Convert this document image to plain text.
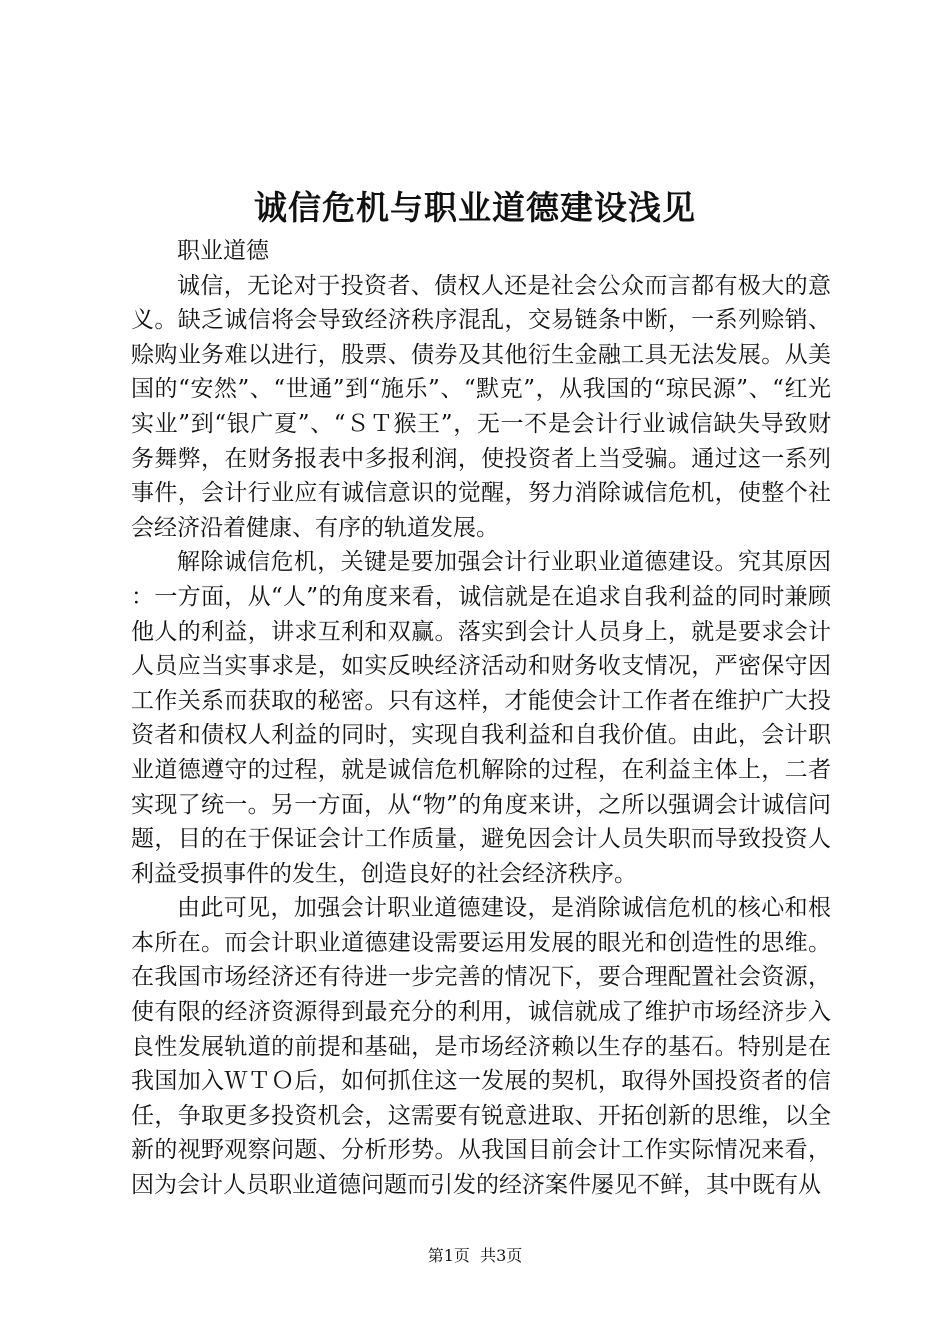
诚信危机与职业道德建设浅见

职业道德

诚信，无论对于投资者、债权人还是社会公众而言都有极大的意义。缺乏诚信将会导致经济秩序混乱，交易链条中断，一系列赊销、赊购业务难以进行，股票、债券及其他衍生金融工具无法发展。从美国的“安然”、“世通”到“施乐”、“默克”，从我国的“琼民源”、“红光实业”到“银广夏”、“ＳＴ猴王”，无一不是会计行业诚信缺失导致财务舞弊，在财务报表中多报利润，使投资者上当受骗。通过这一系列事件，会计行业应有诚信意识的觉醒，努力消除诚信危机，使整个社会经济沿着健康、有序的轨道发展。

解除诚信危机，关键是要加强会计行业职业道德建设。究其原因：一方面，从“人”的角度来看，诚信就是在追求自我利益的同时兼顾他人的利益，讲求互利和双赢。落实到会计人员身上，就是要求会计人员应当实事求是，如实反映经济活动和财务收支情况，严密保守因工作关系而获取的秘密。只有这样，才能使会计工作者在维护广大投资者和债权人利益的同时，实现自我利益和自我价值。由此，会计职业道德遵守的过程，就是诚信危机解除的过程，在利益主体上，二者实现了统一。另一方面，从“物”的角度来讲，之所以强调会计诚信问题，目的在于保证会计工作质量，避免因会计人员失职而导致投资人利益受损事件的发生，创造良好的社会经济秩序。

由此可见，加强会计职业道德建设，是消除诚信危机的核心和根本所在。而会计职业道德建设需要运用发展的眼光和创造性的思维。在我国市场经济还有待进一步完善的情况下，要合理配置社会资源，使有限的经济资源得到最充分的利用，诚信就成了维护市场经济步入良性发展轨道的前提和基础，是市场经济赖以生存的基石。特别是在我国加入ＷＴＯ后，如何抓住这一发展的契机，取得外国投资者的信任，争取更多投资机会，这需要有锐意进取、开拓创新的思维，以全新的视野观察问题、分析形势。从我国目前会计工作实际情况来看，因为会计人员职业道德问题而引发的经济案件屡见不鲜，其中既有从

第1页 共3页
